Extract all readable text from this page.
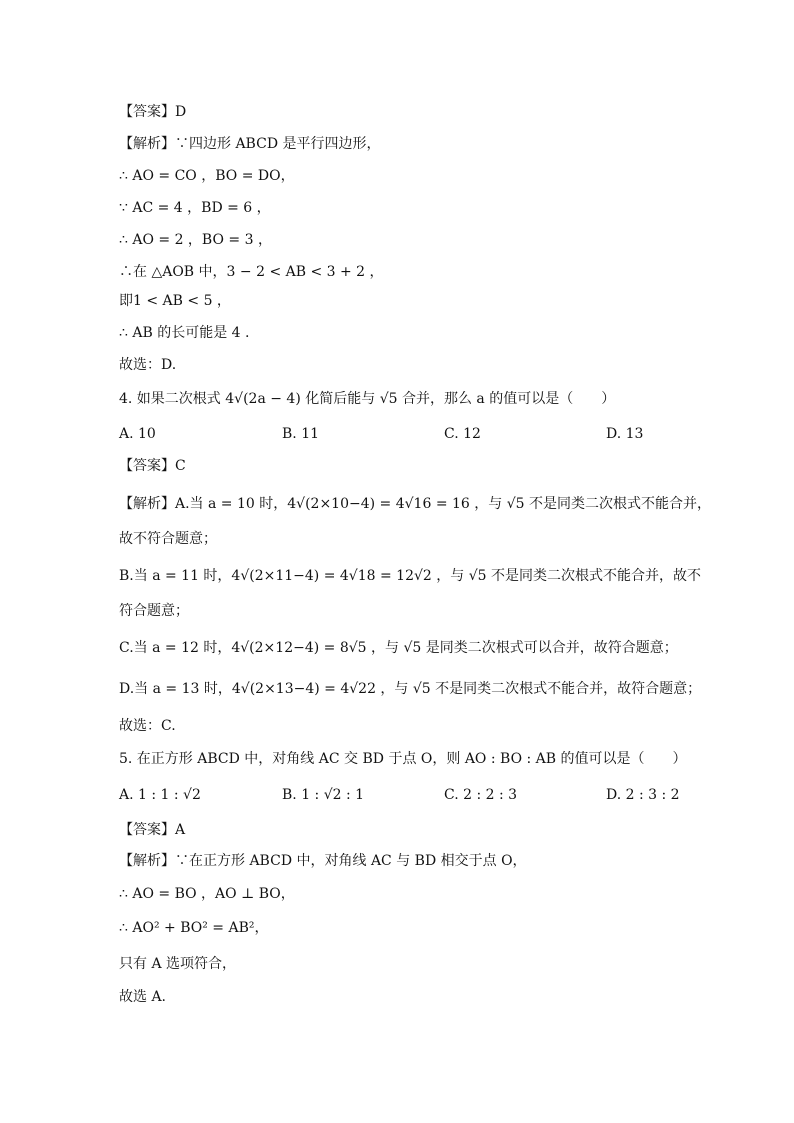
【答案】D
【解析】∵四边形 ABCD 是平行四边形，
∴ AO = CO ，BO = DO，
∵ AC = 4 ，BD = 6 ，
∴ AO = 2 ，BO = 3 ，
∴在 △AOB 中，3 − 2 < AB < 3 + 2 ，
即1 < AB < 5 ，
∴ AB 的长可能是 4 .
故选：D.
4. 如果二次根式 4√(2a − 4) 化简后能与 √5 合并，那么 a 的值可以是（　　）
A. 10	B. 11	C. 12	D. 13
【答案】C
【解析】A.当 a = 10 时，4√(2×10−4) = 4√16 = 16 ，与 √5 不是同类二次根式不能合并，
故不符合题意；
B.当 a = 11 时，4√(2×11−4) = 4√18 = 12√2 ，与 √5 不是同类二次根式不能合并，故不
符合题意；
C.当 a = 12 时，4√(2×12−4) = 8√5 ，与 √5 是同类二次根式可以合并，故符合题意；
D.当 a = 13 时，4√(2×13−4) = 4√22 ，与 √5 不是同类二次根式不能合并，故符合题意；
故选：C.
5. 在正方形 ABCD 中，对角线 AC 交 BD 于点 O，则 AO : BO : AB 的值可以是（　　）
A. 1 : 1 : √2	B. 1 : √2 : 1	C. 2 : 2 : 3	D. 2 : 3 : 2
【答案】A
【解析】∵在正方形 ABCD 中，对角线 AC 与 BD 相交于点 O，
∴ AO = BO ，AO ⊥ BO，
∴ AO² + BO² = AB²，
只有 A 选项符合，
故选 A.
